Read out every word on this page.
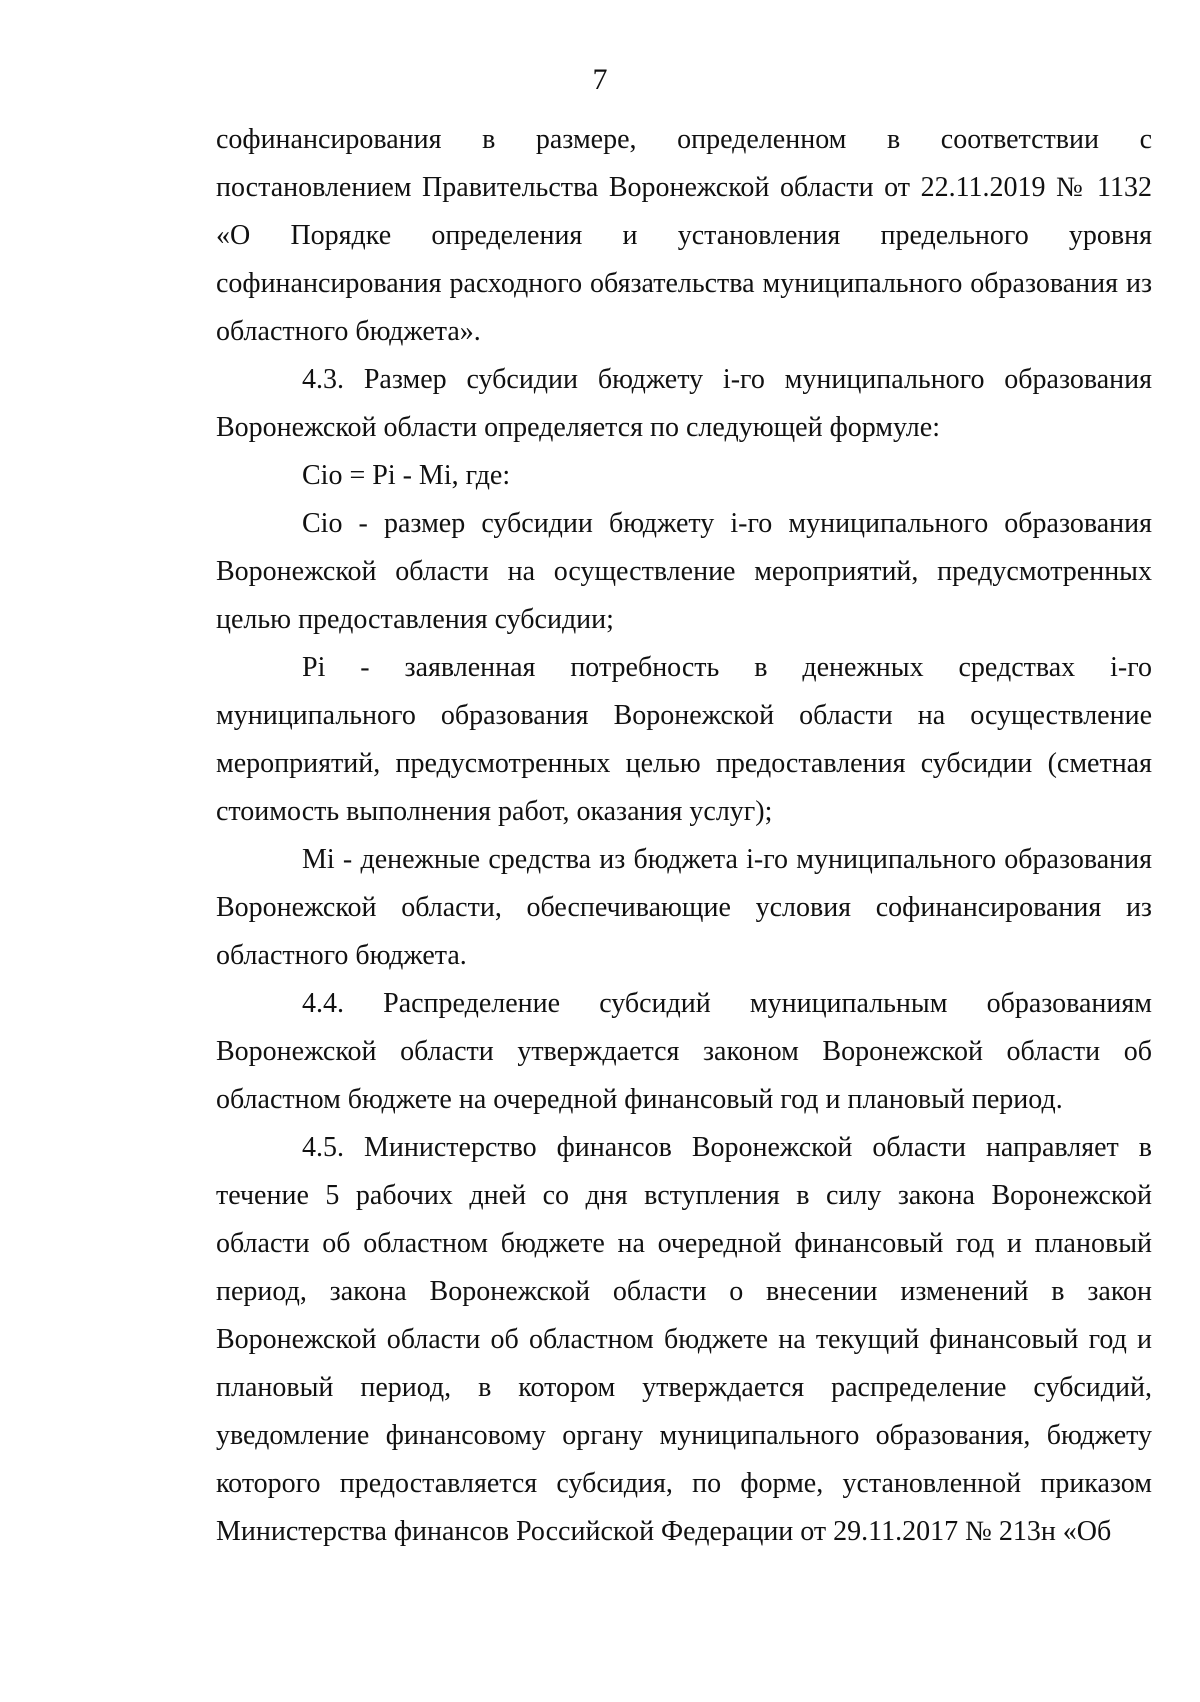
7

софинансирования в размере, определенном в соответствии с постановлением Правительства Воронежской области от 22.11.2019 № 1132 «О Порядке определения и установления предельного уровня софинансирования расходного обязательства муниципального образования из областного бюджета».

4.3. Размер субсидии бюджету i-го муниципального образования Воронежской области определяется по следующей формуле:

Cio = Pi - Mi, где:

Cio - размер субсидии бюджету i-го муниципального образования Воронежской области на осуществление мероприятий, предусмотренных целью предоставления субсидии;

Pi - заявленная потребность в денежных средствах i-го муниципального образования Воронежской области на осуществление мероприятий, предусмотренных целью предоставления субсидии (сметная стоимость выполнения работ, оказания услуг);

Mi - денежные средства из бюджета i-го муниципального образования Воронежской области, обеспечивающие условия софинансирования из областного бюджета.

4.4. Распределение субсидий муниципальным образованиям Воронежской области утверждается законом Воронежской области об областном бюджете на очередной финансовый год и плановый период.

4.5. Министерство финансов Воронежской области направляет в течение 5 рабочих дней со дня вступления в силу закона Воронежской области об областном бюджете на очередной финансовый год и плановый период, закона Воронежской области о внесении изменений в закон Воронежской области об областном бюджете на текущий финансовый год и плановый период, в котором утверждается распределение субсидий, уведомление финансовому органу муниципального образования, бюджету которого предоставляется субсидия, по форме, установленной приказом Министерства финансов Российской Федерации от 29.11.2017 № 213н «Об
